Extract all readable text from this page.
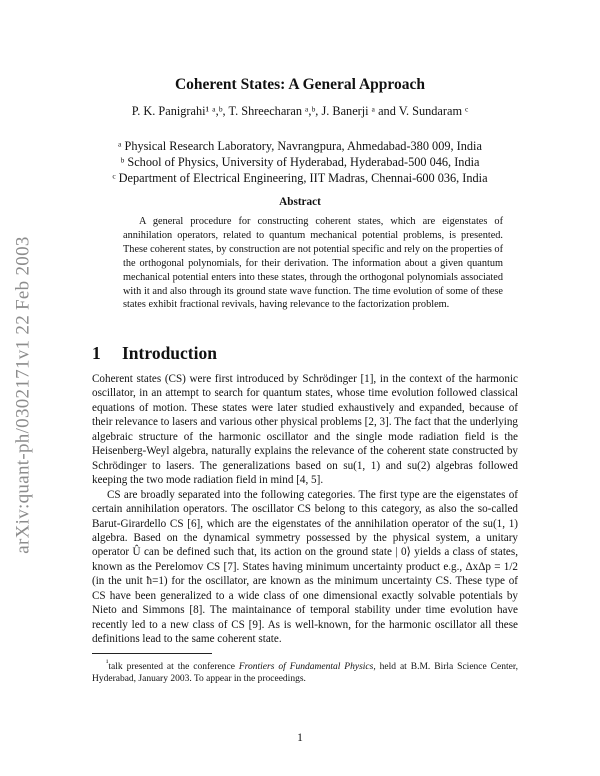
arXiv:quant-ph/0302171v1 22 Feb 2003
Coherent States: A General Approach
P. K. Panigrahi¹ ᵃ,ᵇ, T. Shreecharan ᵃ,ᵇ, J. Banerji ᵃ and V. Sundaram ᶜ
ᵃ Physical Research Laboratory, Navrangpura, Ahmedabad-380 009, India
ᵇ School of Physics, University of Hyderabad, Hyderabad-500 046, India
ᶜ Department of Electrical Engineering, IIT Madras, Chennai-600 036, India
Abstract

A general procedure for constructing coherent states, which are eigenstates of annihilation operators, related to quantum mechanical potential problems, is presented. These coherent states, by construction are not potential specific and rely on the properties of the orthogonal polynomials, for their derivation. The information about a given quantum mechanical potential enters into these states, through the orthogonal polynomials associated with it and also through its ground state wave function. The time evolution of some of these states exhibit fractional revivals, having relevance to the factorization problem.

1 Introduction

Coherent states (CS) were first introduced by Schrödinger [1], in the context of the harmonic oscillator, in an attempt to search for quantum states, whose time evolution followed classical equations of motion. These states were later studied exhaustively and expanded, because of their relevance to lasers and various other physical problems [2, 3]. The fact that the underlying algebraic structure of the harmonic oscillator and the single mode radiation field is the Heisenberg-Weyl algebra, naturally explains the relevance of the coherent state constructed by Schrödinger to lasers. The generalizations based on su(1, 1) and su(2) algebras followed keeping the two mode radiation field in mind [4, 5].

CS are broadly separated into the following categories. The first type are the eigenstates of certain annihilation operators. The oscillator CS belong to this category, as also the so-called Barut-Girardello CS [6], which are the eigenstates of the annihilation operator of the su(1, 1) algebra. Based on the dynamical symmetry possessed by the physical system, a unitary operator Û can be defined such that, its action on the ground state | 0⟩ yields a class of states, known as the Perelomov CS [7]. States having minimum uncertainty product e.g., ΔxΔp = 1/2 (in the unit ħ=1) for the oscillator, are known as the minimum uncertainty CS. These type of CS have been generalized to a wide class of one dimensional exactly solvable potentials by Nieto and Simmons [8]. The maintainance of temporal stability under time evolution have recently led to a new class of CS [9]. As is well-known, for the harmonic oscillator all these definitions lead to the same coherent state.

$^{^1}$talk presented at the conference Frontiers of Fundamental Physics, held at B.M. Birla Science Center, Hyderabad, January 2003. To appear in the proceedings.

1
